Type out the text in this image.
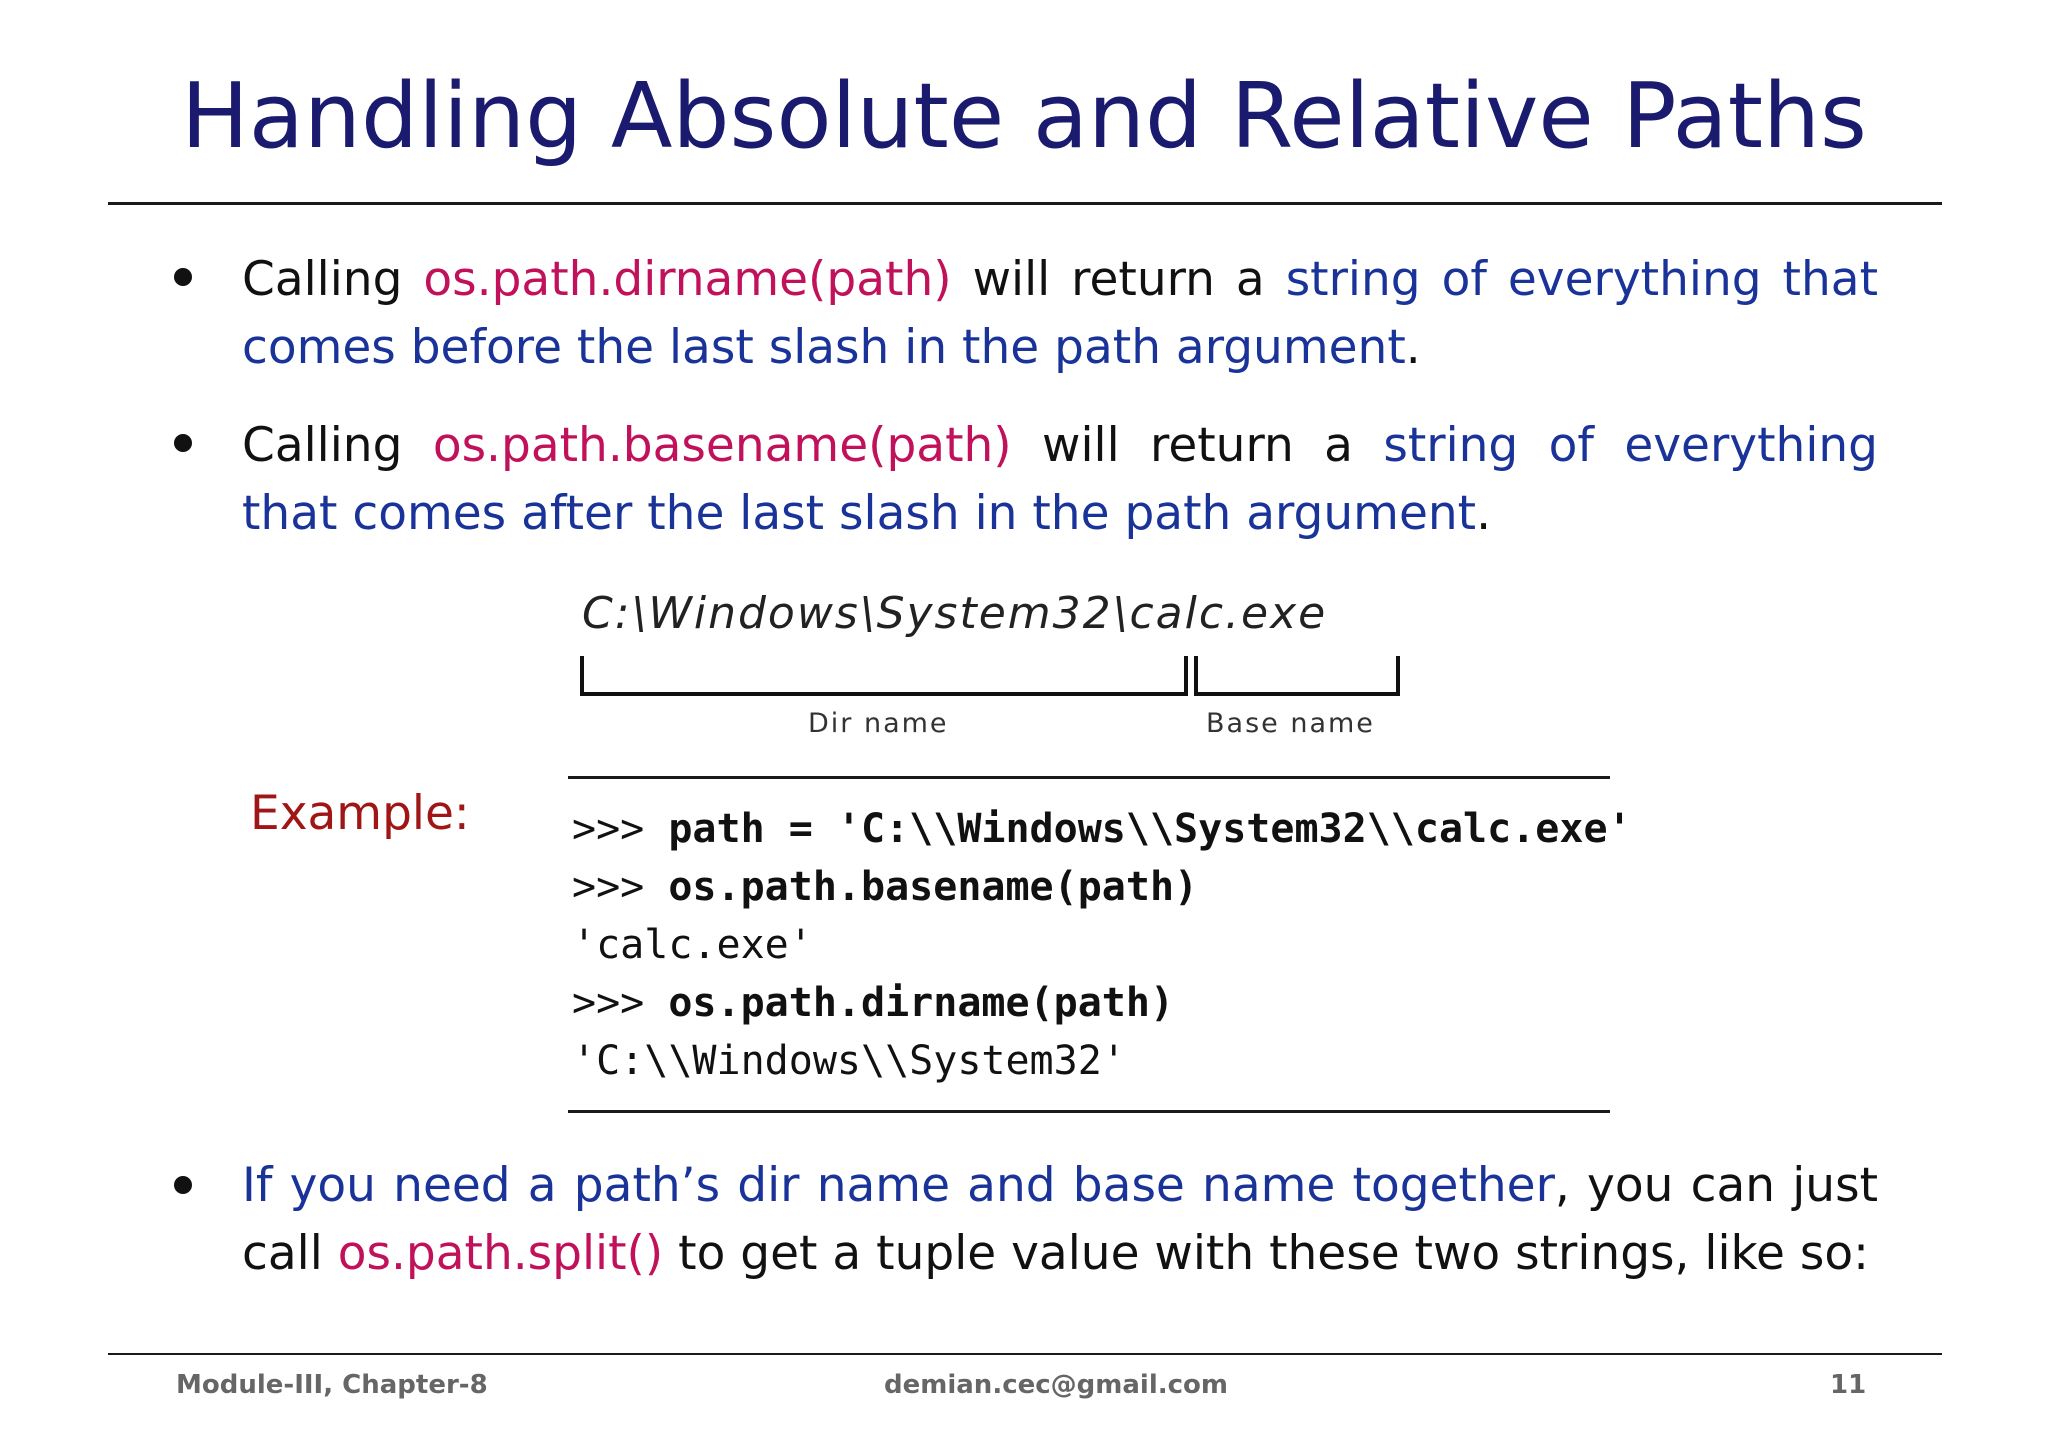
Handling Absolute and Relative Paths
Calling os.path.dirname(path) will return a string of everything that comes before the last slash in the path argument.
Calling os.path.basename(path) will return a string of everything that comes after the last slash in the path argument.
C:\Windows\System32\calc.exe
Dir name	Base name
Example:	>>> path = 'C:\\Windows\\System32\\calc.exe'
>>> os.path.basename(path)
'calc.exe'
>>> os.path.dirname(path)
'C:\\Windows\\System32'
If you need a path’s dir name and base name together, you can just call os.path.split() to get a tuple value with these two strings, like so:
Module-III, Chapter-8	demian.cec@gmail.com	11
